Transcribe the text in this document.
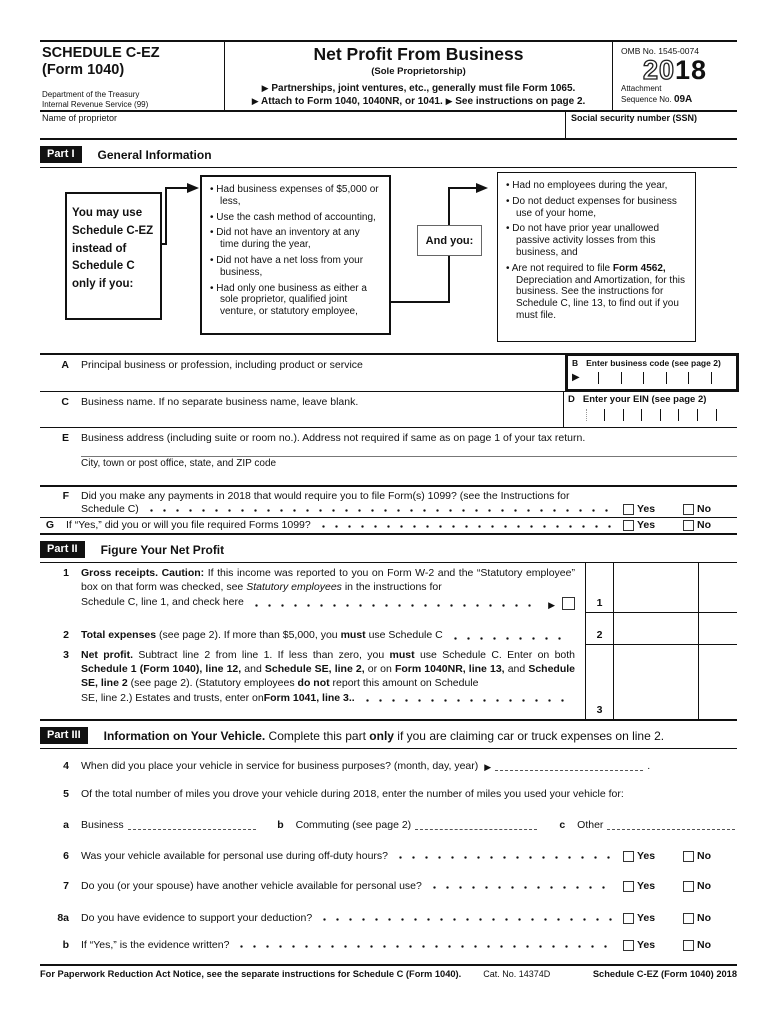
SCHEDULE C-EZ
(Form 1040)
Department of the Treasury
Internal Revenue Service (99)
Net Profit From Business
(Sole Proprietorship)
▶ Partnerships, joint ventures, etc., generally must file Form 1065.
▶ Attach to Form 1040, 1040NR, or 1041. ▶ See instructions on page 2.
OMB No. 1545-0074
2018
Attachment
Sequence No. 09A
Name of proprietor	Social security number (SSN)
Part I	General Information
You may use Schedule C-EZ instead of Schedule C only if you:
• Had business expenses of $5,000 or less,
• Use the cash method of accounting,
• Did not have an inventory at any time during the year,
• Did not have a net loss from your business,
• Had only one business as either a sole proprietor, qualified joint venture, or statutory employee,
And you:
• Had no employees during the year,
• Do not deduct expenses for business use of your home,
• Do not have prior year unallowed passive activity losses from this business, and
• Are not required to file Form 4562, Depreciation and Amortization, for this business. See the instructions for Schedule C, line 13, to find out if you must file.
A Principal business or profession, including product or service	B Enter business code (see page 2)
▶
C Business name. If no separate business name, leave blank.	D Enter your EIN (see page 2)
E Business address (including suite or room no.). Address not required if same as on page 1 of your tax return.
City, town or post office, state, and ZIP code
F Did you make any payments in 2018 that would require you to file Form(s) 1099? (see the Instructions for
Schedule C)	Yes	No
G If “Yes,” did you or will you file required Forms 1099?	Yes	No
Part II	Figure Your Net Profit
1 Gross receipts. Caution: If this income was reported to you on Form W-2 and the “Statutory employee” box on that form was checked, see Statutory employees in the instructions for
Schedule C, line 1, and check here	▶	1
2 Total expenses (see page 2). If more than $5,000, you must use Schedule C	2
3 Net profit. Subtract line 2 from line 1. If less than zero, you must use Schedule C. Enter on bothSchedule 1 (Form 1040), line 12, and Schedule SE, line 2, or on Form 1040NR, line 13, and Schedule SE, line 2 (see page 2). (Statutory employees do not report this amount on Schedule
SE, line 2.) Estates and trusts, enter on Form 1041, line 3..
3
Part III	Information on Your Vehicle. Complete this part only if you are claiming car or truck expenses on line 2.
4 When did you place your vehicle in service for business purposes? (month, day, year) ▶	.
5 Of the total number of miles you drove your vehicle during 2018, enter the number of miles you used your vehicle for:
a Business	b Commuting (see page 2)	c Other
6 Was your vehicle available for personal use during off-duty hours?	Yes	No
7 Do you (or your spouse) have another vehicle available for personal use?	Yes	No
8a Do you have evidence to support your deduction?	Yes	No
b If “Yes,” is the evidence written?	Yes	No
For Paperwork Reduction Act Notice, see the separate instructions for Schedule C (Form 1040). Cat. No. 14374D	Schedule C-EZ (Form 1040) 2018
